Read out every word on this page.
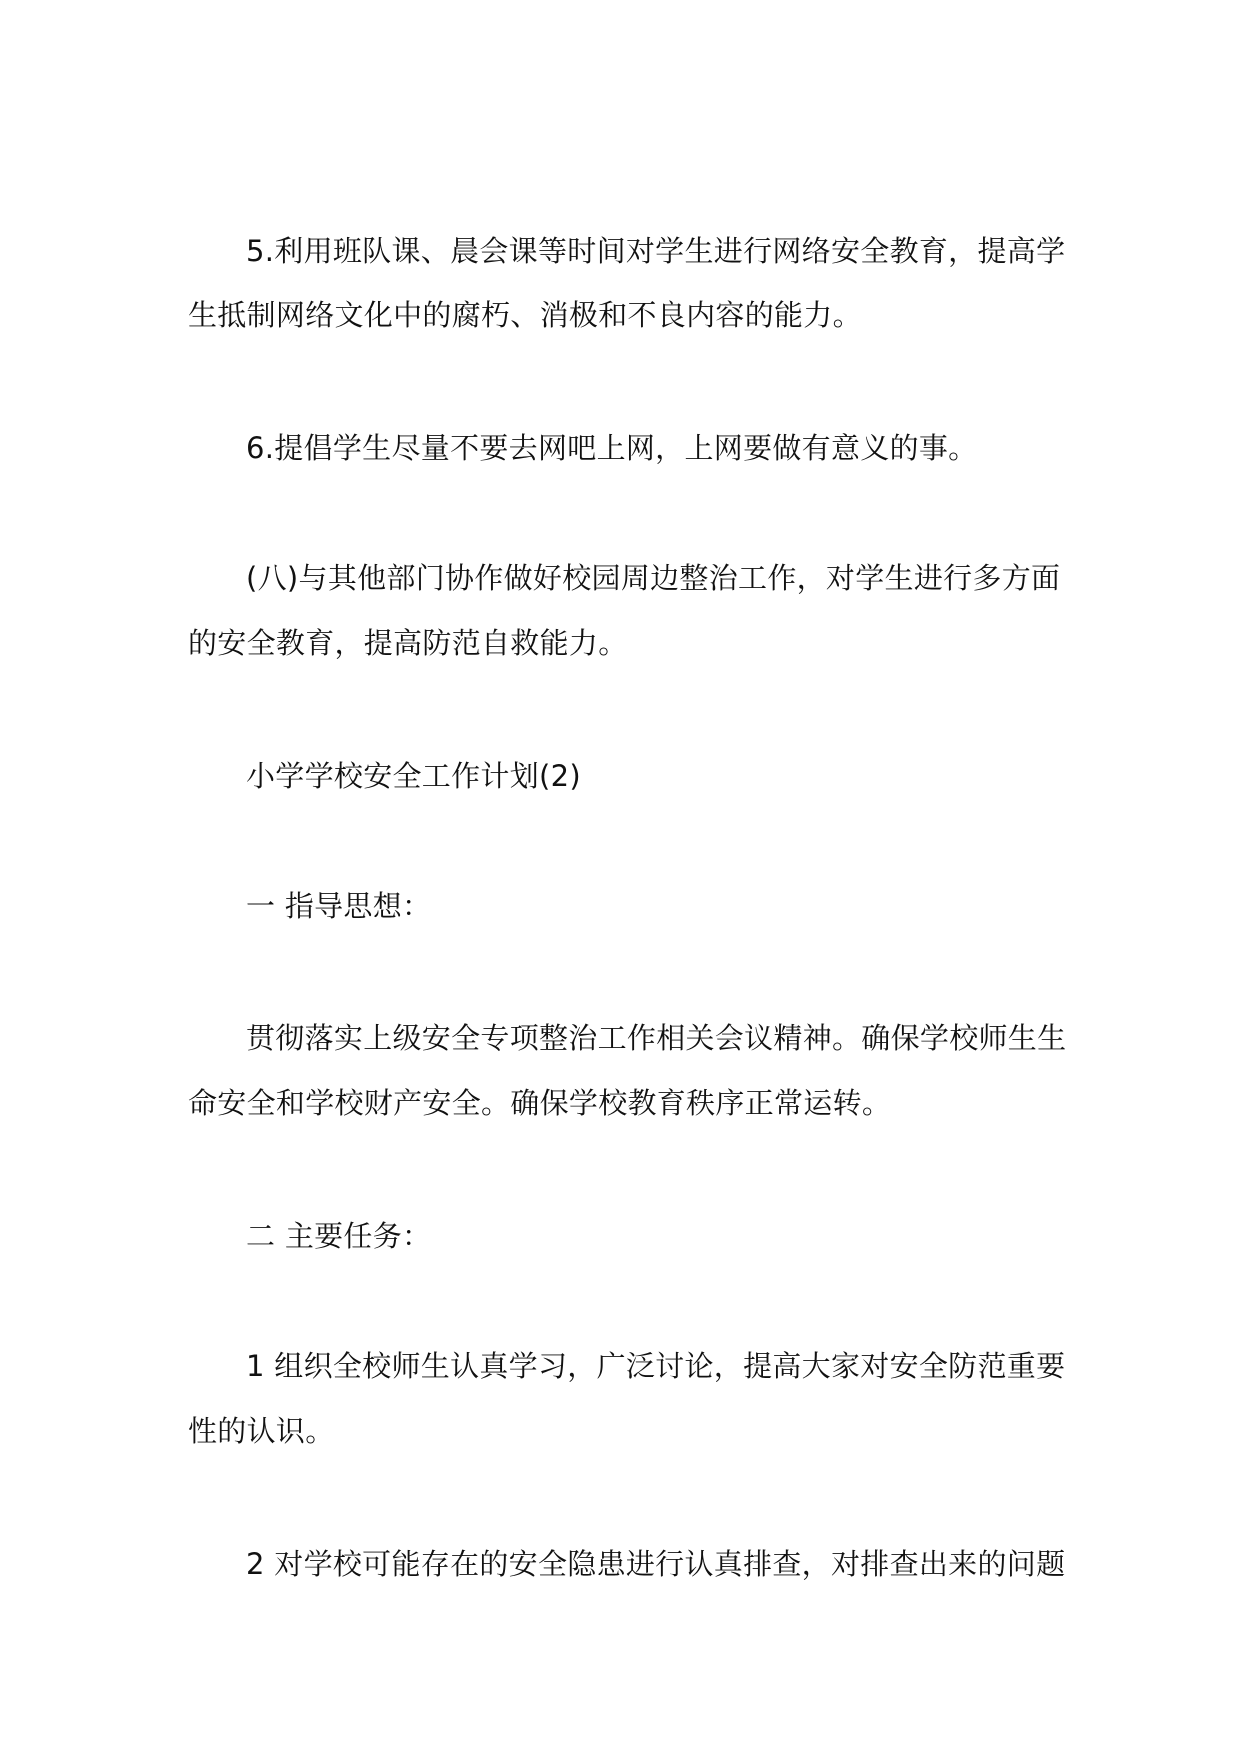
5.利用班队课、晨会课等时间对学生进行网络安全教育，提高学
生抵制网络文化中的腐朽、消极和不良内容的能力。
6.提倡学生尽量不要去网吧上网，上网要做有意义的事。
(八)与其他部门协作做好校园周边整治工作，对学生进行多方面
的安全教育，提高防范自救能力。
小学学校安全工作计划(2)
一 指导思想：
贯彻落实上级安全专项整治工作相关会议精神。确保学校师生生
命安全和学校财产安全。确保学校教育秩序正常运转。
二 主要任务：
1 组织全校师生认真学习，广泛讨论，提高大家对安全防范重要
性的认识。
2 对学校可能存在的安全隐患进行认真排查，对排查出来的问题
